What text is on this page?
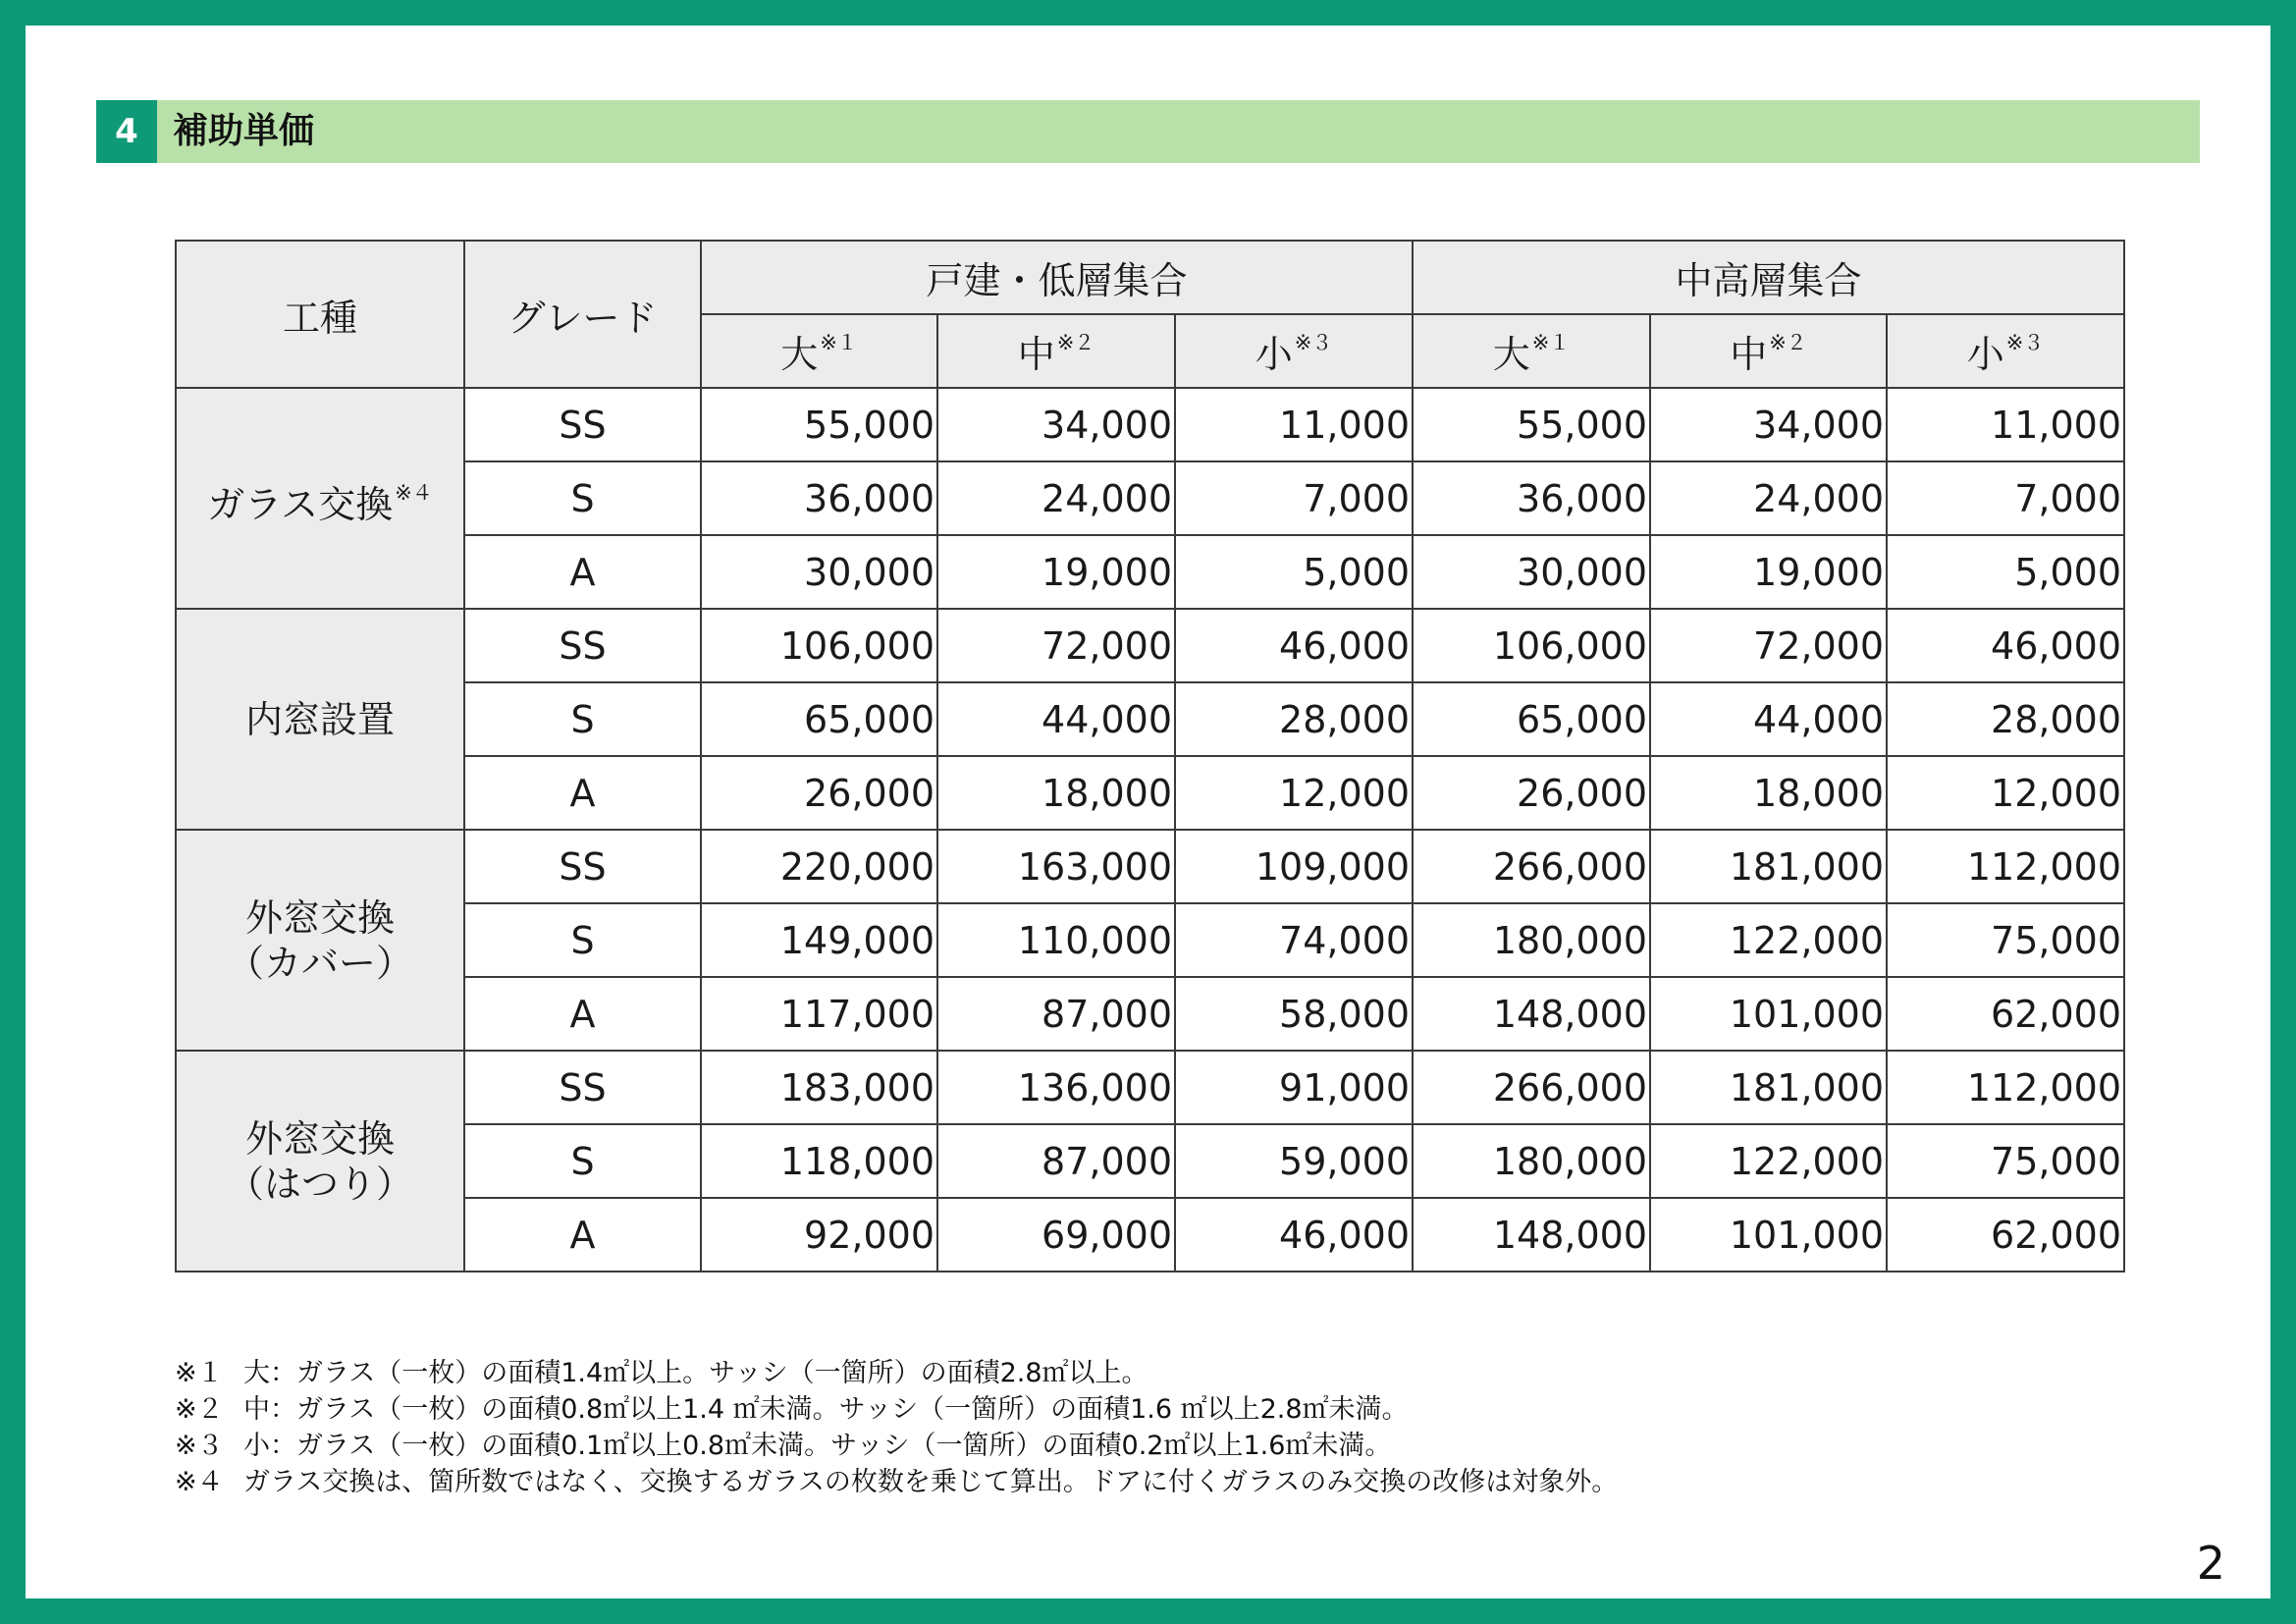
4 補助単価
工種	グレード	戸建・低層集合			中高層集合		
		大$^{※1}$	中$^{※2}$	小$^{※3}$	大$^{※1}$	中$^{※2}$	小$^{※3}$
ガラス交換$^{※4}$	SS	55,000	34,000	11,000	55,000	34,000	11,000
	S	36,000	24,000	7,000	36,000	24,000	7,000
	A	30,000	19,000	5,000	30,000	19,000	5,000
内窓設置	SS	106,000	72,000	46,000	106,000	72,000	46,000
	S	65,000	44,000	28,000	65,000	44,000	28,000
	A	26,000	18,000	12,000	26,000	18,000	12,000
外窓交換
（カバー）	SS	220,000	163,000	109,000	266,000	181,000	112,000
	S	149,000	110,000	74,000	180,000	122,000	75,000
	A	117,000	87,000	58,000	148,000	101,000	62,000
外窓交換
（はつり）	SS	183,000	136,000	91,000	266,000	181,000	112,000
	S	118,000	87,000	59,000	180,000	122,000	75,000
	A	92,000	69,000	46,000	148,000	101,000	62,000
※１ 大：ガラス（一枚）の面積1.4㎡以上。サッシ（一箇所）の面積2.8㎡以上。
※２ 中：ガラス（一枚）の面積0.8㎡以上1.4 ㎡未満。サッシ（一箇所）の面積1.6 ㎡以上2.8㎡未満。
※３ 小：ガラス（一枚）の面積0.1㎡以上0.8㎡未満。サッシ（一箇所）の面積0.2㎡以上1.6㎡未満。
※４ ガラス交換は、箇所数ではなく、交換するガラスの枚数を乗じて算出。ドアに付くガラスのみ交換の改修は対象外。
2
